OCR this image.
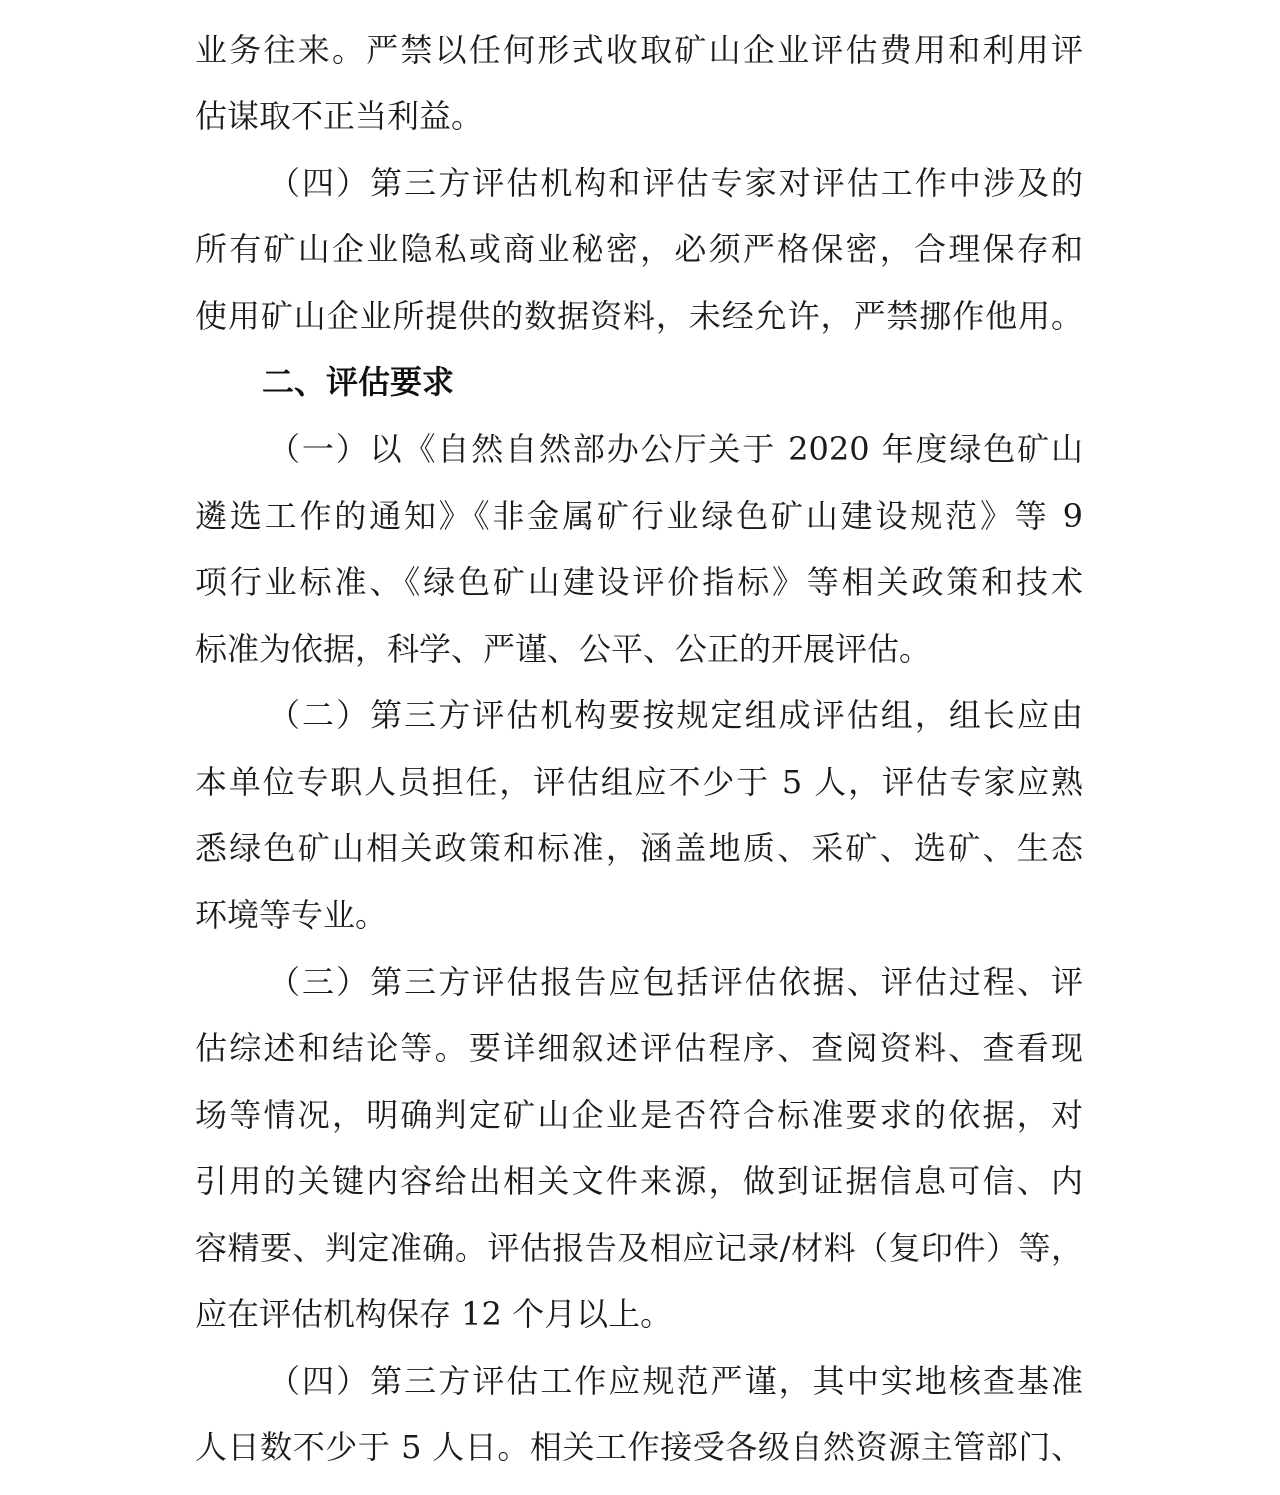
业务往来。严禁以任何形式收取矿山企业评估费用和利用评
估谋取不正当利益。
（四）第三方评估机构和评估专家对评估工作中涉及的
所有矿山企业隐私或商业秘密，必须严格保密，合理保存和
使用矿山企业所提供的数据资料，未经允许，严禁挪作他用。
二、评估要求
（一）以《自然自然部办公厅关于 2020 年度绿色矿山
遴选工作的通知》《非金属矿行业绿色矿山建设规范》等 9
项行业标准、《绿色矿山建设评价指标》等相关政策和技术
标准为依据，科学、严谨、公平、公正的开展评估。
（二）第三方评估机构要按规定组成评估组，组长应由
本单位专职人员担任，评估组应不少于 5 人，评估专家应熟
悉绿色矿山相关政策和标准，涵盖地质、采矿、选矿、生态
环境等专业。
（三）第三方评估报告应包括评估依据、评估过程、评
估综述和结论等。要详细叙述评估程序、查阅资料、查看现
场等情况，明确判定矿山企业是否符合标准要求的依据，对
引用的关键内容给出相关文件来源，做到证据信息可信、内
容精要、判定准确。评估报告及相应记录/材料（复印件）等，
应在评估机构保存 12 个月以上。
（四）第三方评估工作应规范严谨，其中实地核查基准
人日数不少于 5 人日。相关工作接受各级自然资源主管部门、
